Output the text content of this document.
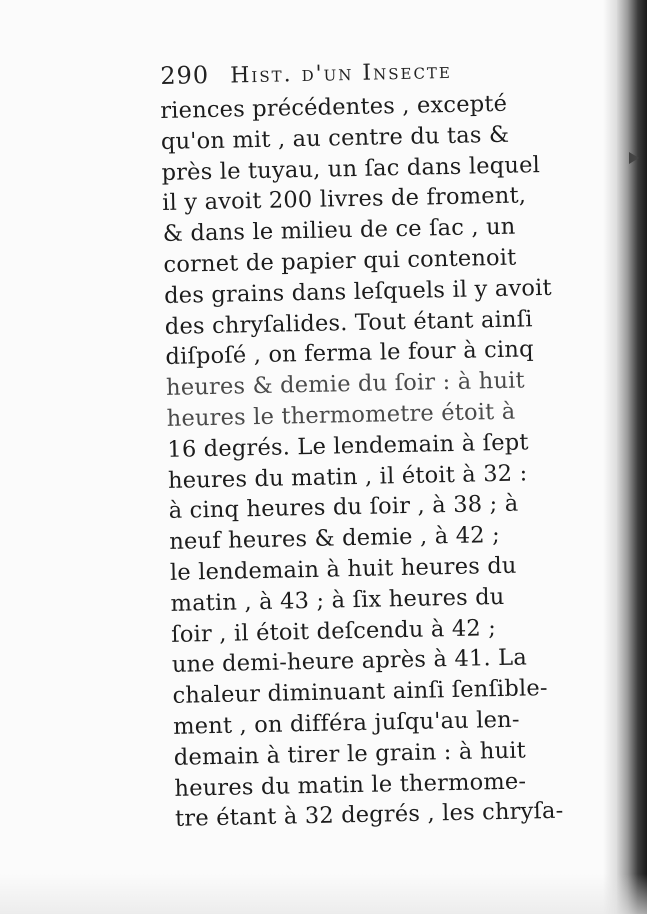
290 Hist. d'un Insecte
riences précédentes , excepté
qu'on mit , au centre du tas &
près le tuyau, un ſac dans lequel
il y avoit 200 livres de froment,
& dans le milieu de ce ſac , un
cornet de papier qui contenoit
des grains dans leſquels il y avoit
des chryſalides. Tout étant ainſi
diſpoſé , on ferma le four à cinq
heures & demie du ſoir : à huit
heures le thermometre étoit à
16 degrés. Le lendemain à ſept
heures du matin , il étoit à 32 :
à cinq heures du ſoir , à 38 ; à
neuf heures & demie , à 42 ;
le lendemain à huit heures du
matin , à 43 ; à ſix heures du
ſoir , il étoit deſcendu à 42 ;
une demi-heure après à 41. La
chaleur diminuant ainſi ſenſible-
ment , on différa juſqu'au len-
demain à tirer le grain : à huit
heures du matin le thermome-
tre étant à 32 degrés , les chryſa-
